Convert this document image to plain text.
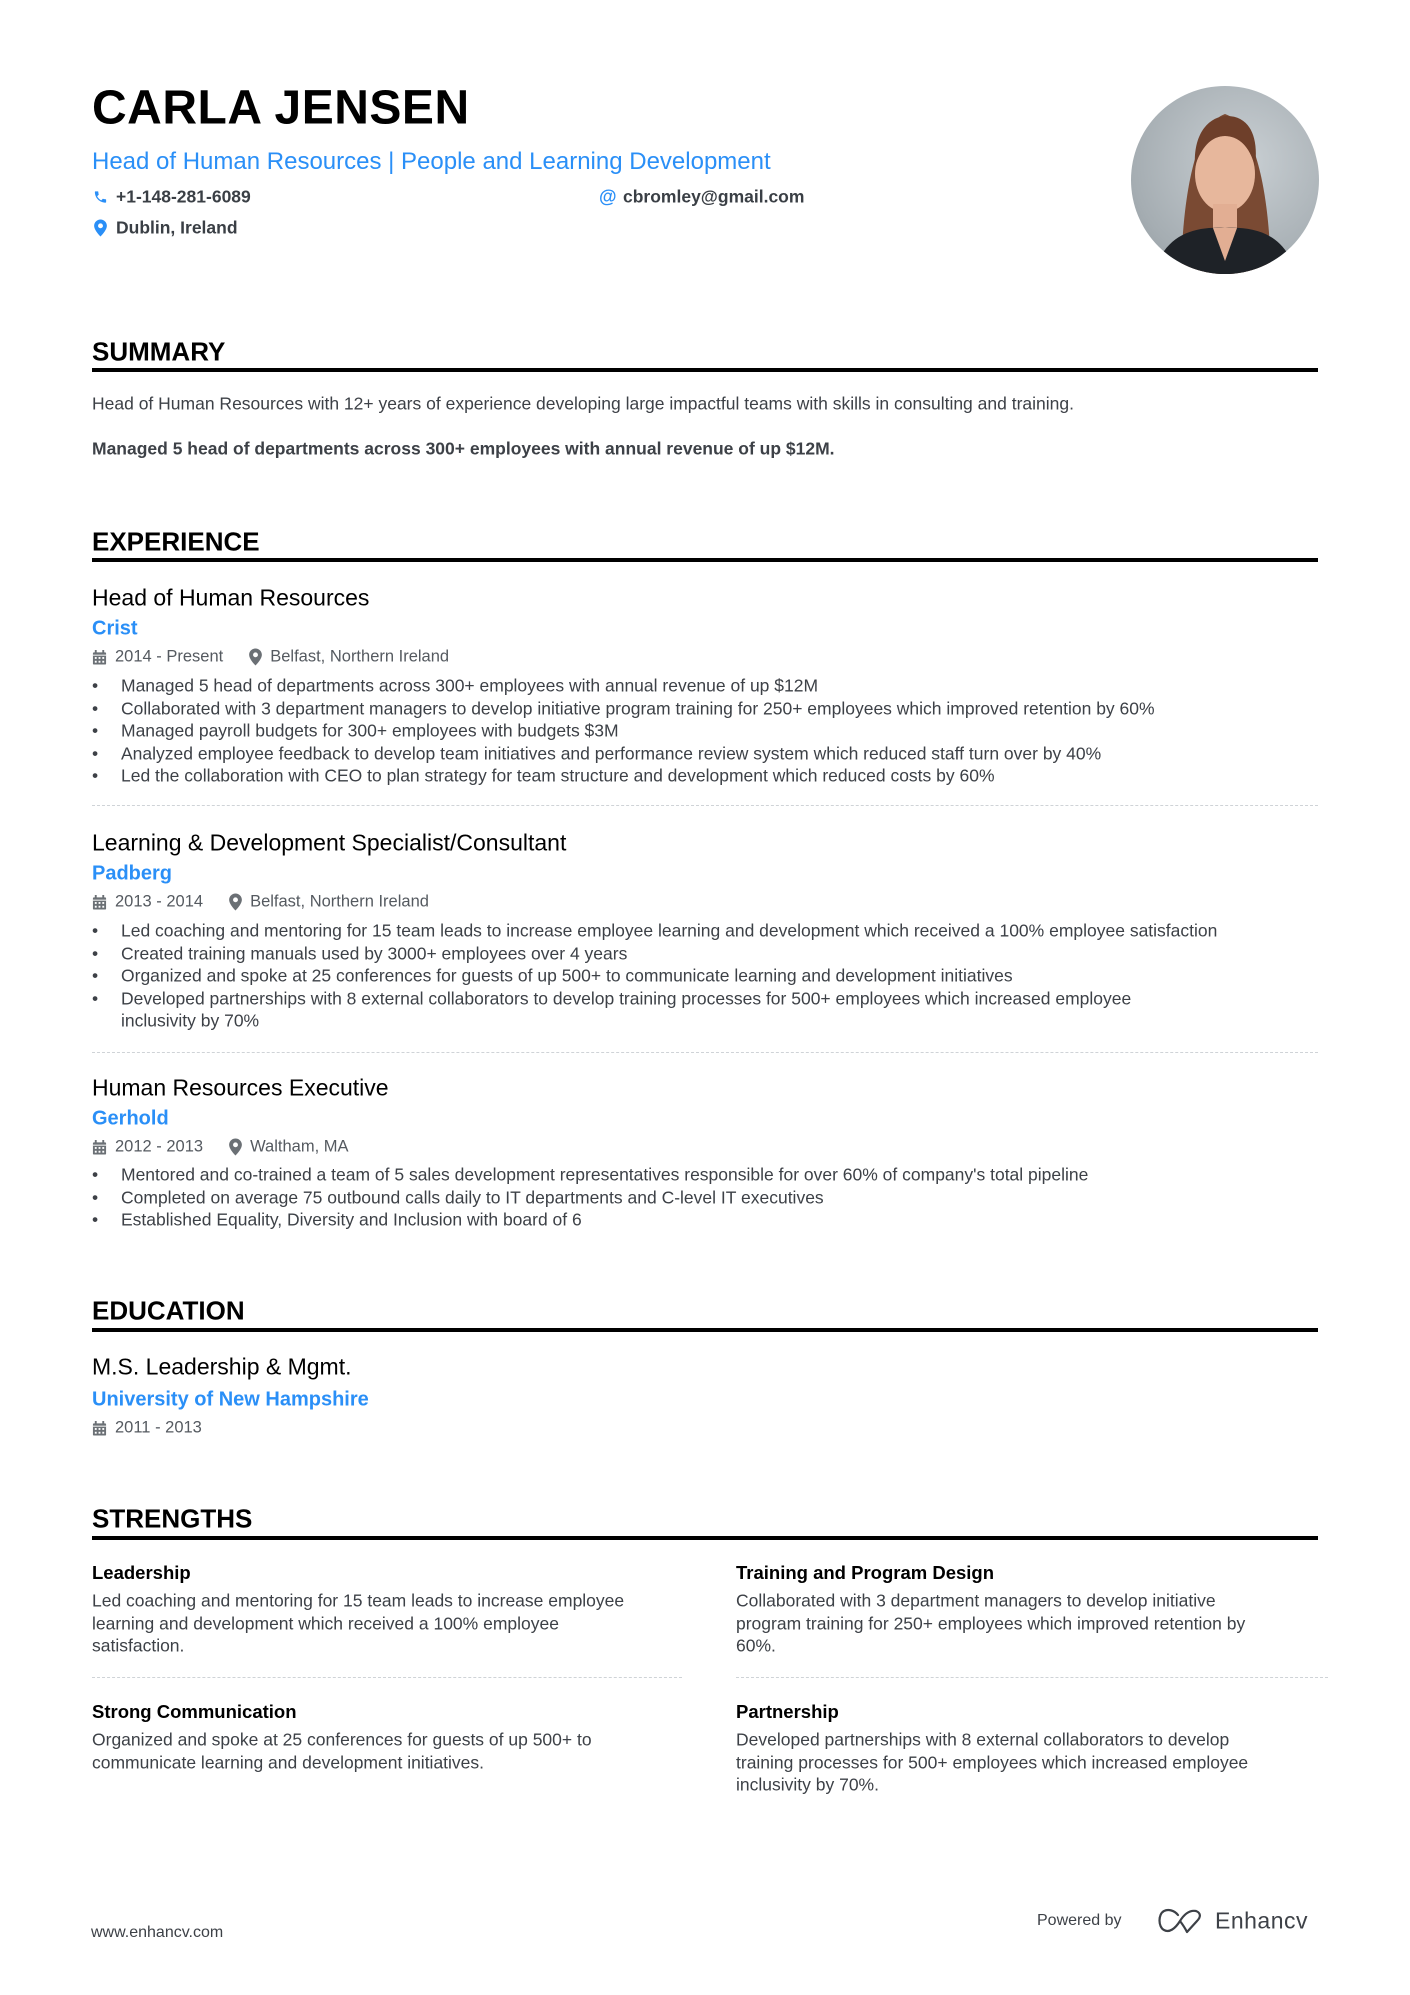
CARLA JENSEN
Head of Human Resources | People and Learning Development
+1-148-281-6089	@ cbromley@gmail.com
Dublin, Ireland
SUMMARY
Head of Human Resources with 12+ years of experience developing large impactful teams with skills in consulting and training.
Managed 5 head of departments across 300+ employees with annual revenue of up $12M.
EXPERIENCE
Head of Human Resources
Crist
2014 - Present	Belfast, Northern Ireland
•	Managed 5 head of departments across 300+ employees with annual revenue of up $12M
•	Collaborated with 3 department managers to develop initiative program training for 250+ employees which improved retention by 60%
•	Managed payroll budgets for 300+ employees with budgets $3M
•	Analyzed employee feedback to develop team initiatives and performance review system which reduced staff turn over by 40%
•	Led the collaboration with CEO to plan strategy for team structure and development which reduced costs by 60%
Learning & Development Specialist/Consultant
Padberg
2013 - 2014	Belfast, Northern Ireland
•	Led coaching and mentoring for 15 team leads to increase employee learning and development which received a 100% employee satisfaction
•	Created training manuals used by 3000+ employees over 4 years
•	Organized and spoke at 25 conferences for guests of up 500+ to communicate learning and development initiatives
•	Developed partnerships with 8 external collaborators to develop training processes for 500+ employees which increased employee
inclusivity by 70%
Human Resources Executive
Gerhold
2012 - 2013	Waltham, MA
•	Mentored and co-trained a team of 5 sales development representatives responsible for over 60% of company's total pipeline
•	Completed on average 75 outbound calls daily to IT departments and C-level IT executives
•	Established Equality, Diversity and Inclusion with board of 6
EDUCATION
M.S. Leadership & Mgmt.
University of New Hampshire
2011 - 2013
STRENGTHS
Leadership
Led coaching and mentoring for 15 team leads to increase employee
learning and development which received a 100% employee
satisfaction.
Training and Program Design
Collaborated with 3 department managers to develop initiative
program training for 250+ employees which improved retention by
60%.
Strong Communication
Organized and spoke at 25 conferences for guests of up 500+ to
communicate learning and development initiatives.
Partnership
Developed partnerships with 8 external collaborators to develop
training processes for 500+ employees which increased employee
inclusivity by 70%.
www.enhancv.com
Powered by	Enhancv
